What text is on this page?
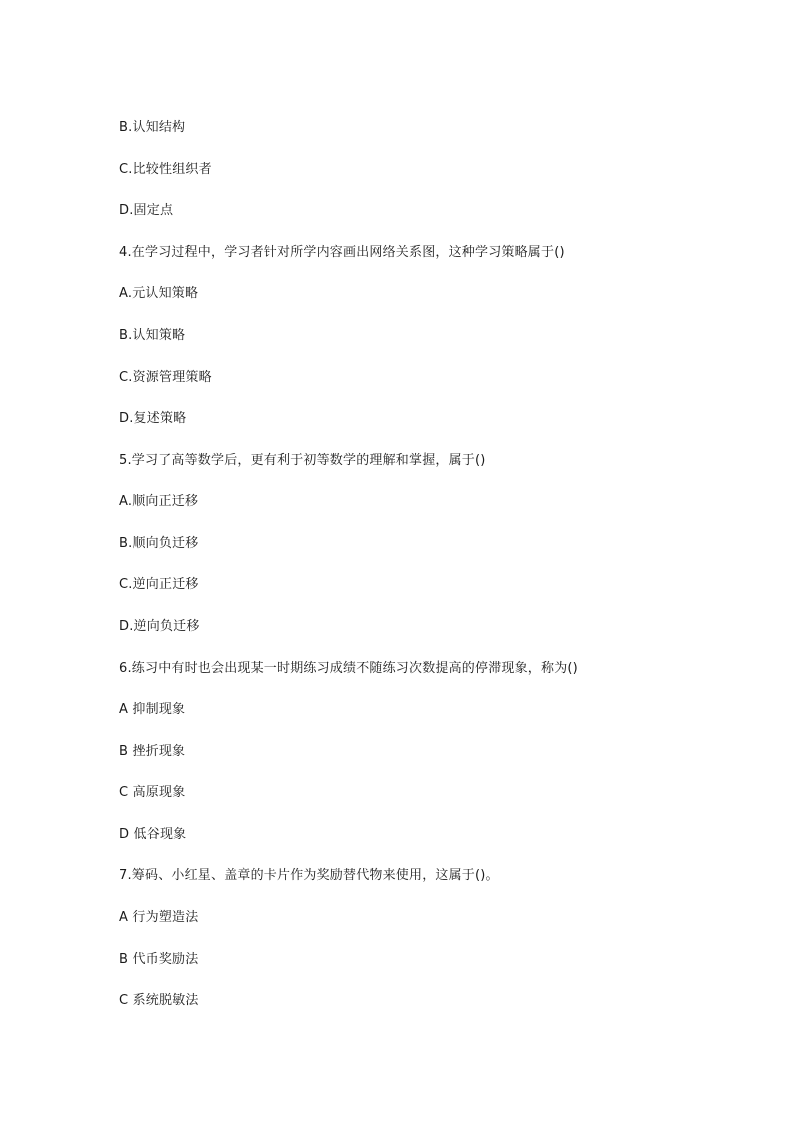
B.认知结构
C.比较性组织者
D.固定点
4.在学习过程中，学习者针对所学内容画出网络关系图，这种学习策略属于()
A.元认知策略
B.认知策略
C.资源管理策略
D.复述策略
5.学习了高等数学后，更有利于初等数学的理解和掌握，属于()
A.顺向正迁移
B.顺向负迁移
C.逆向正迁移
D.逆向负迁移
6.练习中有时也会出现某一时期练习成绩不随练习次数提高的停滞现象，称为()
A 抑制现象
B 挫折现象
C 高原现象
D 低谷现象
7.筹码、小红星、盖章的卡片作为奖励替代物来使用，这属于()。
A 行为塑造法
B 代币奖励法
C 系统脱敏法
